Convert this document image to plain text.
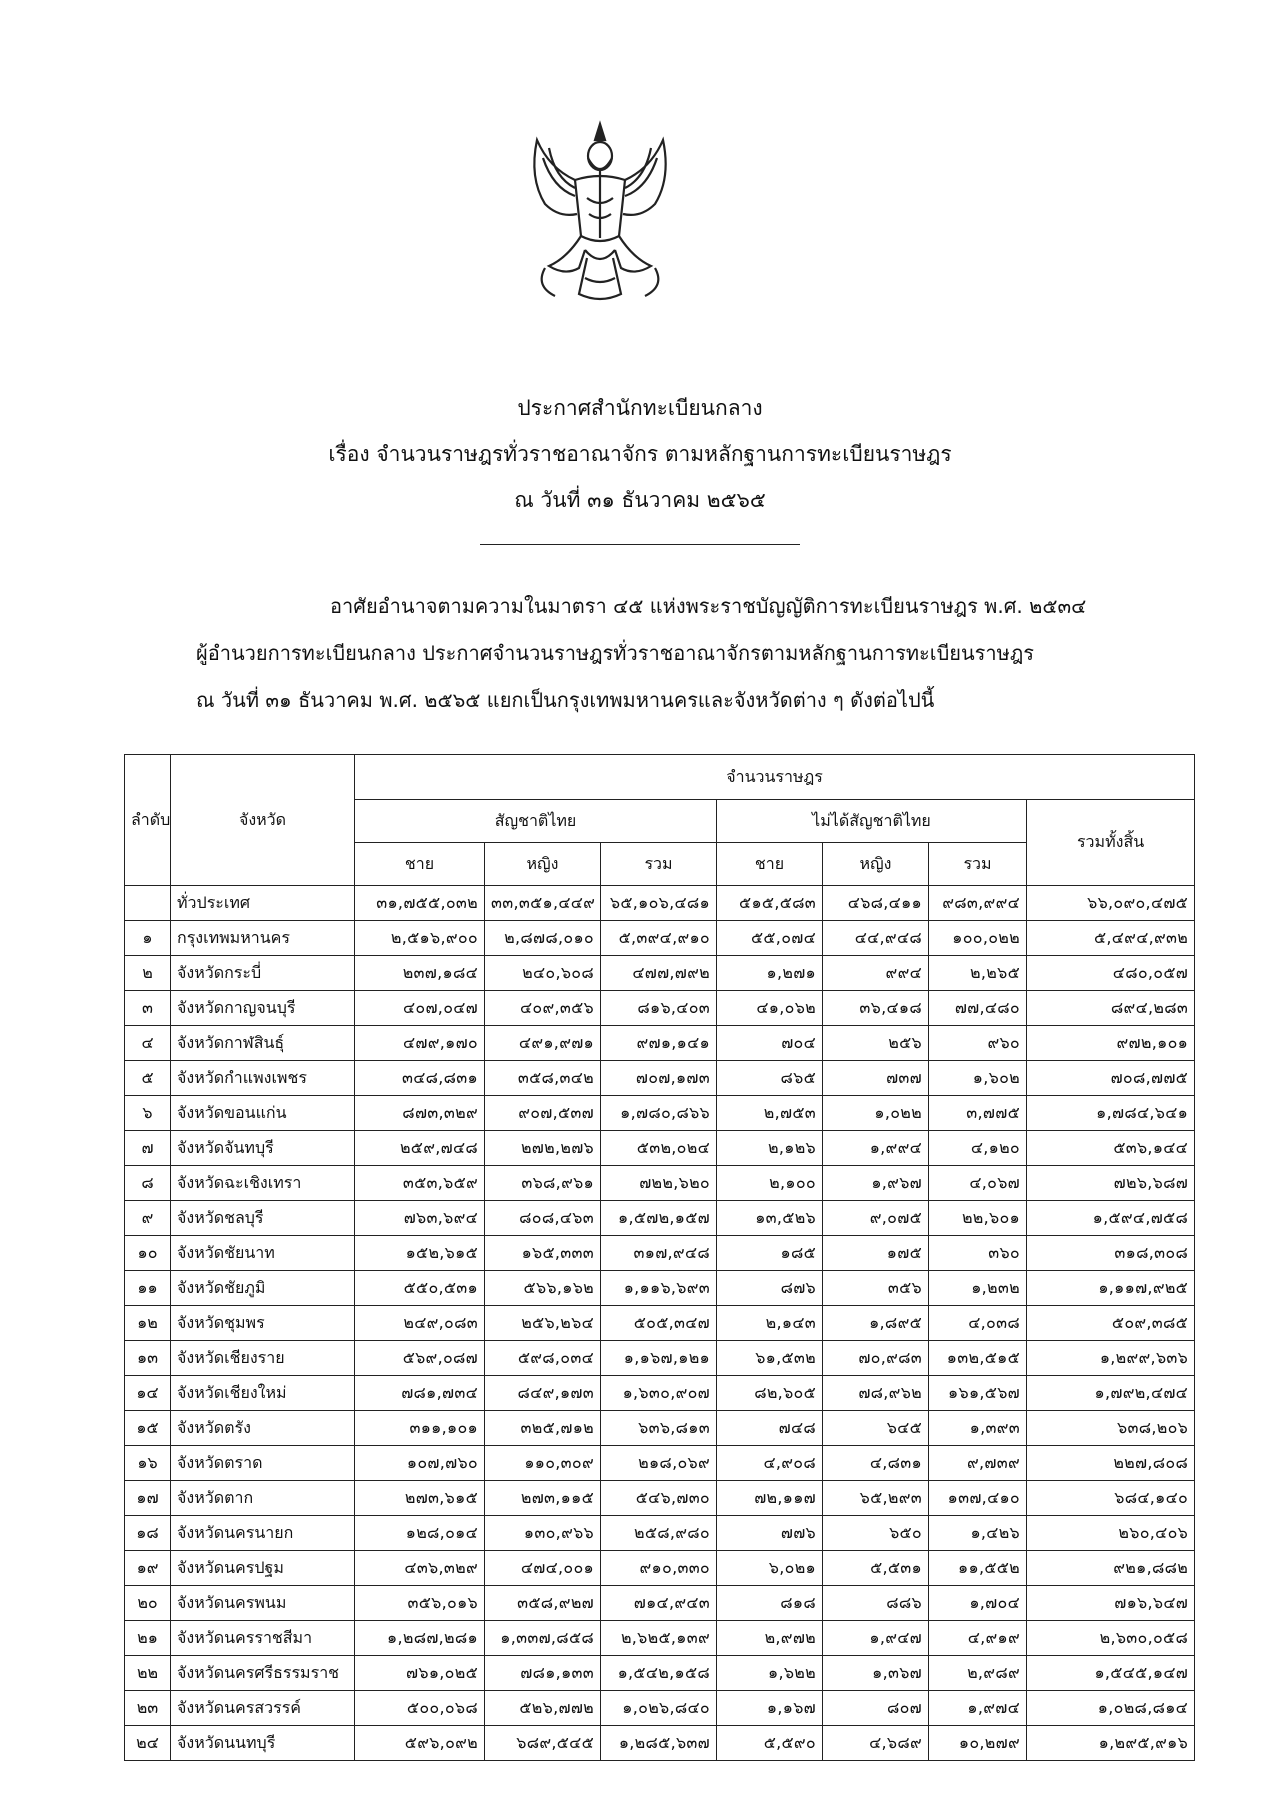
ประกาศสำนักทะเบียนกลาง
เรื่อง จำนวนราษฎรทั่วราชอาณาจักร ตามหลักฐานการทะเบียนราษฎร
ณ วันที่ ๓๑ ธันวาคม ๒๕๖๕
อาศัยอำนาจตามความในมาตรา ๔๕ แห่งพระราชบัญญัติการทะเบียนราษฎร พ.ศ. ๒๕๓๔
ผู้อำนวยการทะเบียนกลาง ประกาศจำนวนราษฎรทั่วราชอาณาจักรตามหลักฐานการทะเบียนราษฎร
ณ วันที่ ๓๑ ธันวาคม พ.ศ. ๒๕๖๕ แยกเป็นกรุงเทพมหานครและจังหวัดต่าง ๆ ดังต่อไปนี้
ลำดับ	จังหวัด	จำนวนราษฎร						
		สัญชาติไทย			ไม่ได้สัญชาติไทย			รวมทั้งสิ้น
		ชาย	หญิง	รวม	ชาย	หญิง	รวม	
	ทั่วประเทศ	๓๑,๗๕๕,๐๓๒	๓๓,๓๕๑,๔๔๙	๖๕,๑๐๖,๔๘๑	๕๑๕,๕๘๓	๔๖๘,๔๑๑	๙๘๓,๙๙๔	๖๖,๐๙๐,๔๗๕
๑	กรุงเทพมหานคร	๒,๕๑๖,๙๐๐	๒,๘๗๘,๐๑๐	๕,๓๙๔,๙๑๐	๕๕,๐๗๔	๔๔,๙๔๘	๑๐๐,๐๒๒	๕,๔๙๔,๙๓๒
๒	จังหวัดกระบี่	๒๓๗,๑๘๔	๒๔๐,๖๐๘	๔๗๗,๗๙๒	๑,๒๗๑	๙๙๔	๒,๒๖๕	๔๘๐,๐๕๗
๓	จังหวัดกาญจนบุรี	๔๐๗,๐๔๗	๔๐๙,๓๕๖	๘๑๖,๔๐๓	๔๑,๐๖๒	๓๖,๔๑๘	๗๗,๔๘๐	๘๙๔,๒๘๓
๔	จังหวัดกาฬสินธุ์	๔๗๙,๑๗๐	๔๙๑,๙๗๑	๙๗๑,๑๔๑	๗๐๔	๒๕๖	๙๖๐	๙๗๒,๑๐๑
๕	จังหวัดกำแพงเพชร	๓๔๘,๘๓๑	๓๕๘,๓๔๒	๗๐๗,๑๗๓	๘๖๕	๗๓๗	๑,๖๐๒	๗๐๘,๗๗๕
๖	จังหวัดขอนแก่น	๘๗๓,๓๒๙	๙๐๗,๕๓๗	๑,๗๘๐,๘๖๖	๒,๗๕๓	๑,๐๒๒	๓,๗๗๕	๑,๗๘๔,๖๔๑
๗	จังหวัดจันทบุรี	๒๕๙,๗๔๘	๒๗๒,๒๗๖	๕๓๒,๐๒๔	๒,๑๒๖	๑,๙๙๔	๔,๑๒๐	๕๓๖,๑๔๔
๘	จังหวัดฉะเชิงเทรา	๓๕๓,๖๕๙	๓๖๘,๙๖๑	๗๒๒,๖๒๐	๒,๑๐๐	๑,๙๖๗	๔,๐๖๗	๗๒๖,๖๘๗
๙	จังหวัดชลบุรี	๗๖๓,๖๙๔	๘๐๘,๔๖๓	๑,๕๗๒,๑๕๗	๑๓,๕๒๖	๙,๐๗๕	๒๒,๖๐๑	๑,๕๙๔,๗๕๘
๑๐	จังหวัดชัยนาท	๑๕๒,๖๑๕	๑๖๕,๓๓๓	๓๑๗,๙๔๘	๑๘๕	๑๗๕	๓๖๐	๓๑๘,๓๐๘
๑๑	จังหวัดชัยภูมิ	๕๕๐,๕๓๑	๕๖๖,๑๖๒	๑,๑๑๖,๖๙๓	๘๗๖	๓๕๖	๑,๒๓๒	๑,๑๑๗,๙๒๕
๑๒	จังหวัดชุมพร	๒๔๙,๐๘๓	๒๕๖,๒๖๔	๕๐๕,๓๔๗	๒,๑๔๓	๑,๘๙๕	๔,๐๓๘	๕๐๙,๓๘๕
๑๓	จังหวัดเชียงราย	๕๖๙,๐๘๗	๕๙๘,๐๓๔	๑,๑๖๗,๑๒๑	๖๑,๕๓๒	๗๐,๙๘๓	๑๓๒,๕๑๕	๑,๒๙๙,๖๓๖
๑๔	จังหวัดเชียงใหม่	๗๘๑,๗๓๔	๘๔๙,๑๗๓	๑,๖๓๐,๙๐๗	๘๒,๖๐๕	๗๘,๙๖๒	๑๖๑,๕๖๗	๑,๗๙๒,๔๗๔
๑๕	จังหวัดตรัง	๓๑๑,๑๐๑	๓๒๕,๗๑๒	๖๓๖,๘๑๓	๗๔๘	๖๔๕	๑,๓๙๓	๖๓๘,๒๐๖
๑๖	จังหวัดตราด	๑๐๗,๗๖๐	๑๑๐,๓๐๙	๒๑๘,๐๖๙	๔,๙๐๘	๔,๘๓๑	๙,๗๓๙	๒๒๗,๘๐๘
๑๗	จังหวัดตาก	๒๗๓,๖๑๕	๒๗๓,๑๑๕	๕๔๖,๗๓๐	๗๒,๑๑๗	๖๕,๒๙๓	๑๓๗,๔๑๐	๖๘๔,๑๔๐
๑๘	จังหวัดนครนายก	๑๒๘,๐๑๔	๑๓๐,๙๖๖	๒๕๘,๙๘๐	๗๗๖	๖๕๐	๑,๔๒๖	๒๖๐,๔๐๖
๑๙	จังหวัดนครปฐม	๔๓๖,๓๒๙	๔๗๔,๐๐๑	๙๑๐,๓๓๐	๖,๐๒๑	๕,๕๓๑	๑๑,๕๕๒	๙๒๑,๘๘๒
๒๐	จังหวัดนครพนม	๓๕๖,๐๑๖	๓๕๘,๙๒๗	๗๑๔,๙๔๓	๘๑๘	๘๘๖	๑,๗๐๔	๗๑๖,๖๔๗
๒๑	จังหวัดนครราชสีมา	๑,๒๘๗,๒๘๑	๑,๓๓๗,๘๕๘	๒,๖๒๕,๑๓๙	๒,๙๗๒	๑,๙๔๗	๔,๙๑๙	๒,๖๓๐,๐๕๘
๒๒	จังหวัดนครศรีธรรมราช	๗๖๑,๐๒๕	๗๘๑,๑๓๓	๑,๕๔๒,๑๕๘	๑,๖๒๒	๑,๓๖๗	๒,๙๘๙	๑,๕๔๕,๑๔๗
๒๓	จังหวัดนครสวรรค์	๕๐๐,๐๖๘	๕๒๖,๗๗๒	๑,๐๒๖,๘๔๐	๑,๑๖๗	๘๐๗	๑,๙๗๔	๑,๐๒๘,๘๑๔
๒๔	จังหวัดนนทบุรี	๕๙๖,๐๙๒	๖๘๙,๕๔๕	๑,๒๘๕,๖๓๗	๕,๕๙๐	๔,๖๘๙	๑๐,๒๗๙	๑,๒๙๕,๙๑๖
